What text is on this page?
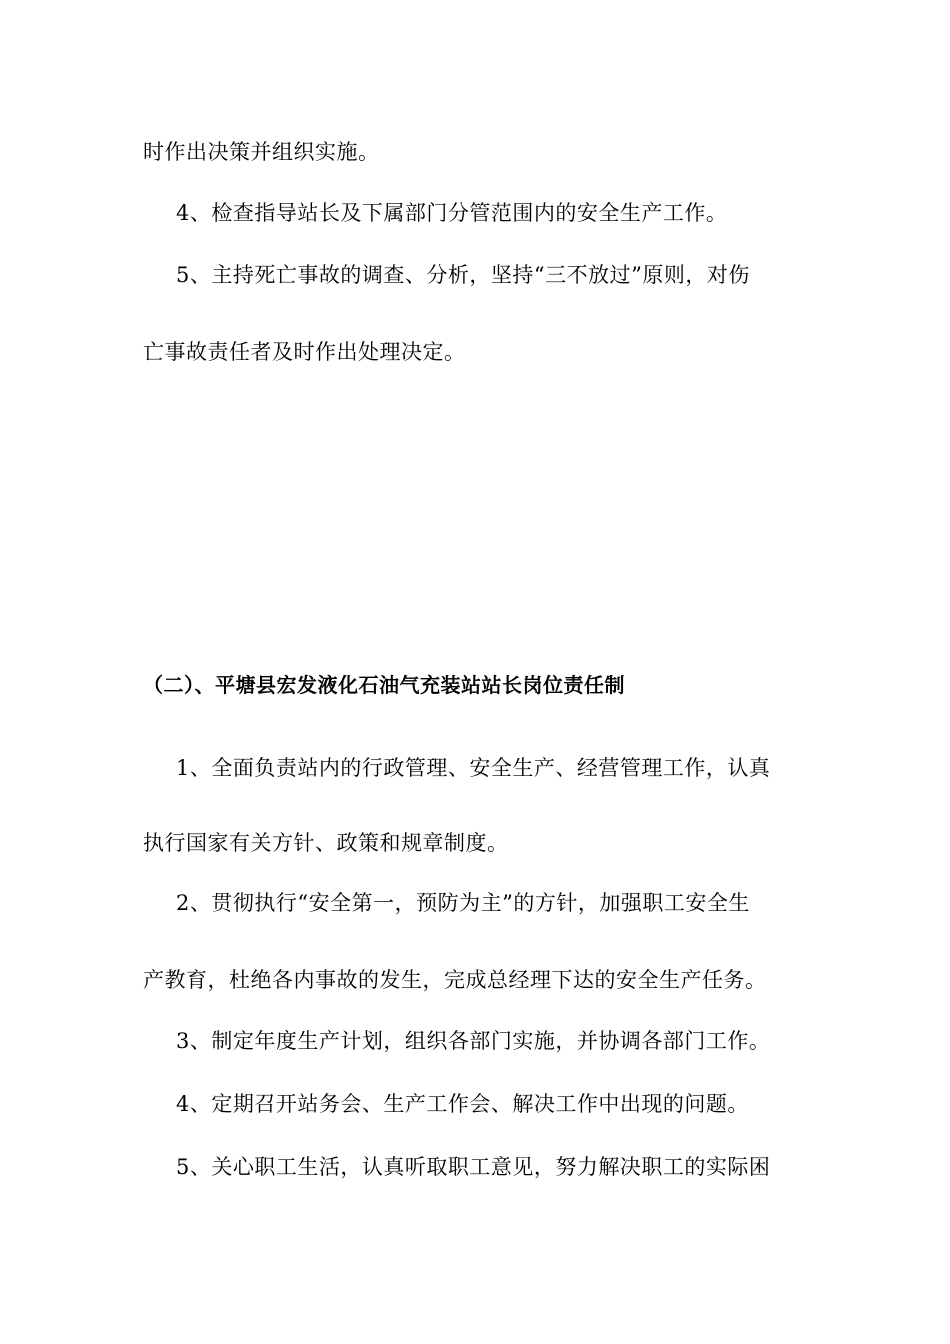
时作出决策并组织实施。
4、检查指导站长及下属部门分管范围内的安全生产工作。
5、主持死亡事故的调查、分析，坚持“三不放过”原则，对伤
亡事故责任者及时作出处理决定。
（二）、平塘县宏发液化石油气充装站站长岗位责任制
1、全面负责站内的行政管理、安全生产、经营管理工作，认真
执行国家有关方针、政策和规章制度。
2、贯彻执行“安全第一，预防为主”的方针，加强职工安全生
产教育，杜绝各内事故的发生，完成总经理下达的安全生产任务。
3、制定年度生产计划，组织各部门实施，并协调各部门工作。
4、定期召开站务会、生产工作会、解决工作中出现的问题。
5、关心职工生活，认真听取职工意见，努力解决职工的实际困
